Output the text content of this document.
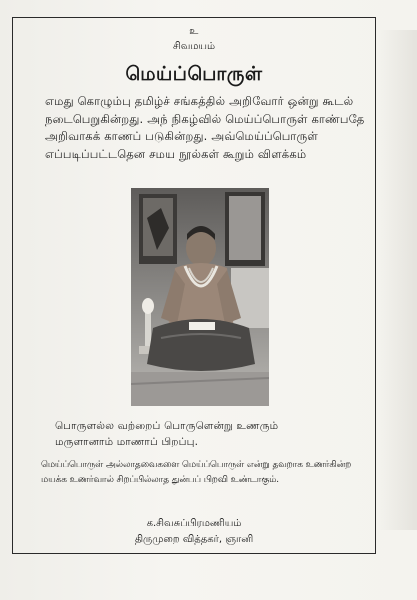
உ
சிவமயம்
மெய்ப்பொருள்
எமது கொழும்பு தமிழ்ச் சங்கத்தில் அறிவோர் ஒன்று கூடல்
நடைபெறுகின்றது. அந் நிகழ்வில் மெய்ப்பொருள் காண்பதே
அறிவாகக் காணப் படுகின்றது. அவ்மெய்ப்பொருள்
எப்படிப்பட்டதென சமய நூல்கள் கூறும் விளக்கம்
பொருளல்ல வற்றைப் பொருளென்று உணரும்
மருளானாம் மாணாப் பிறப்பு.
மெய்ப்பொருள் அல்லாதவைகளை மெய்ப்பொருள் என்று தவறாக உணர்கின்ற
மயக்க உணர்வால் சிறப்பில்லாத துன்பப் பிறவி உண்டாகும்.
க.சிவசுப்பிரமணியம்
திருமுறை வித்தகர், ஞானி
